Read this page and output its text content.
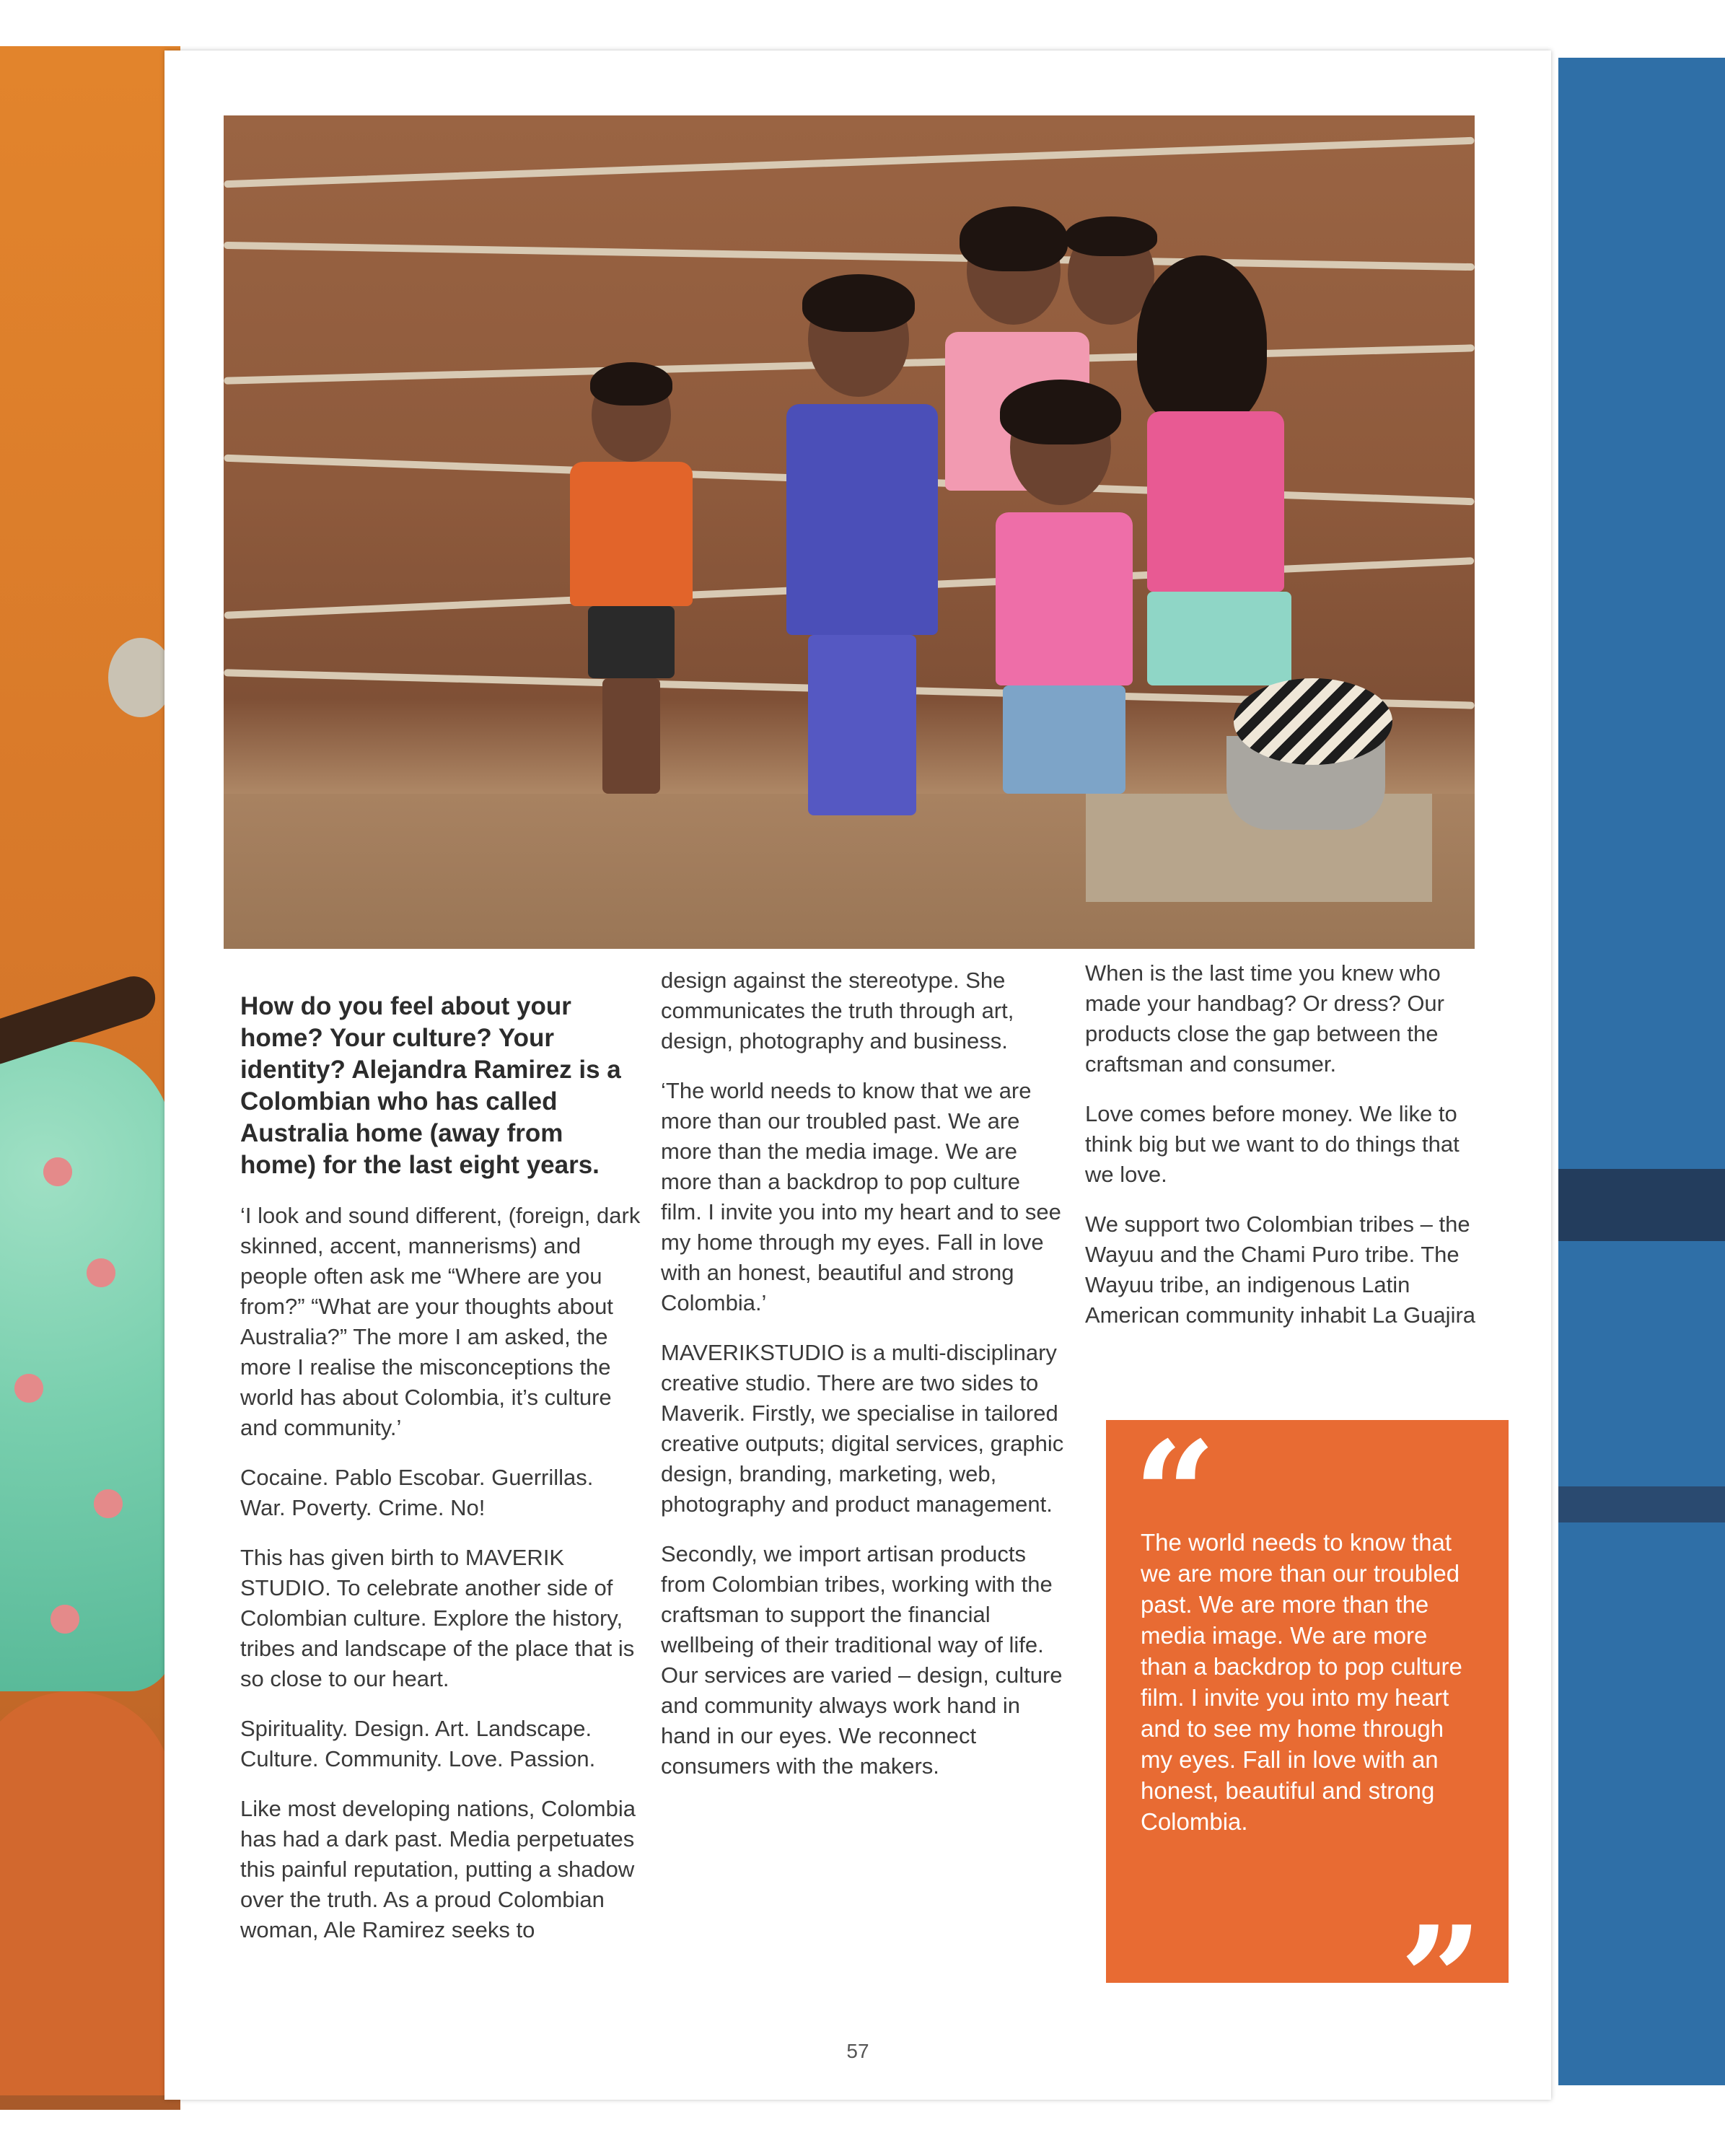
How do you feel about your home? Your culture? Your identity? Alejandra Ramirez is a Colombian who has called Australia home (away from home) for the last eight years.

‘I look and sound different, (foreign, dark skinned, accent, mannerisms) and people often ask me “Where are you from?” “What are your thoughts about Australia?” The more I am asked, the more I realise the misconceptions the world has about Colombia, it’s culture and community.’

Cocaine. Pablo Escobar. Guerrillas. War. Poverty. Crime. No!

This has given birth to MAVERIK STUDIO. To celebrate another side of Colombian culture. Explore the history, tribes and landscape of the place that is so close to our heart.

Spirituality. Design. Art. Landscape. Culture. Community. Love. Passion.

Like most developing nations, Colombia has had a dark past. Media perpetuates this painful reputation, putting a shadow over the truth. As a proud Colombian woman, Ale Ramirez seeks to

design against the stereotype. She communicates the truth through art, design, photography and business.

‘The world needs to know that we are more than our troubled past. We are more than the media image. We are more than a backdrop to pop culture film. I invite you into my heart and to see my home through my eyes. Fall in love with an honest, beautiful and strong Colombia.’

MAVERIKSTUDIO is a multi-disciplinary creative studio. There are two sides to Maverik. Firstly, we specialise in tailored creative outputs; digital services, graphic design, branding, marketing, web, photography and product management.

Secondly, we import artisan products from Colombian tribes, working with the craftsman to support the financial wellbeing of their traditional way of life. Our services are varied – design, culture and community always work hand in hand in our eyes. We reconnect consumers with the makers.

When is the last time you knew who made your handbag? Or dress? Our products close the gap between the craftsman and consumer.

Love comes before money. We like to think big but we want to do things that we love.

We support two Colombian tribes – the Wayuu and the Chami Puro tribe. The Wayuu tribe, an indigenous Latin American community inhabit La Guajira

“
The world needs to know that we are more than our troubled past. We are more than the media image. We are more than a backdrop to pop culture film. I invite you into my heart and to see my home through my eyes. Fall in love with an honest, beautiful and strong Colombia.
”
57
